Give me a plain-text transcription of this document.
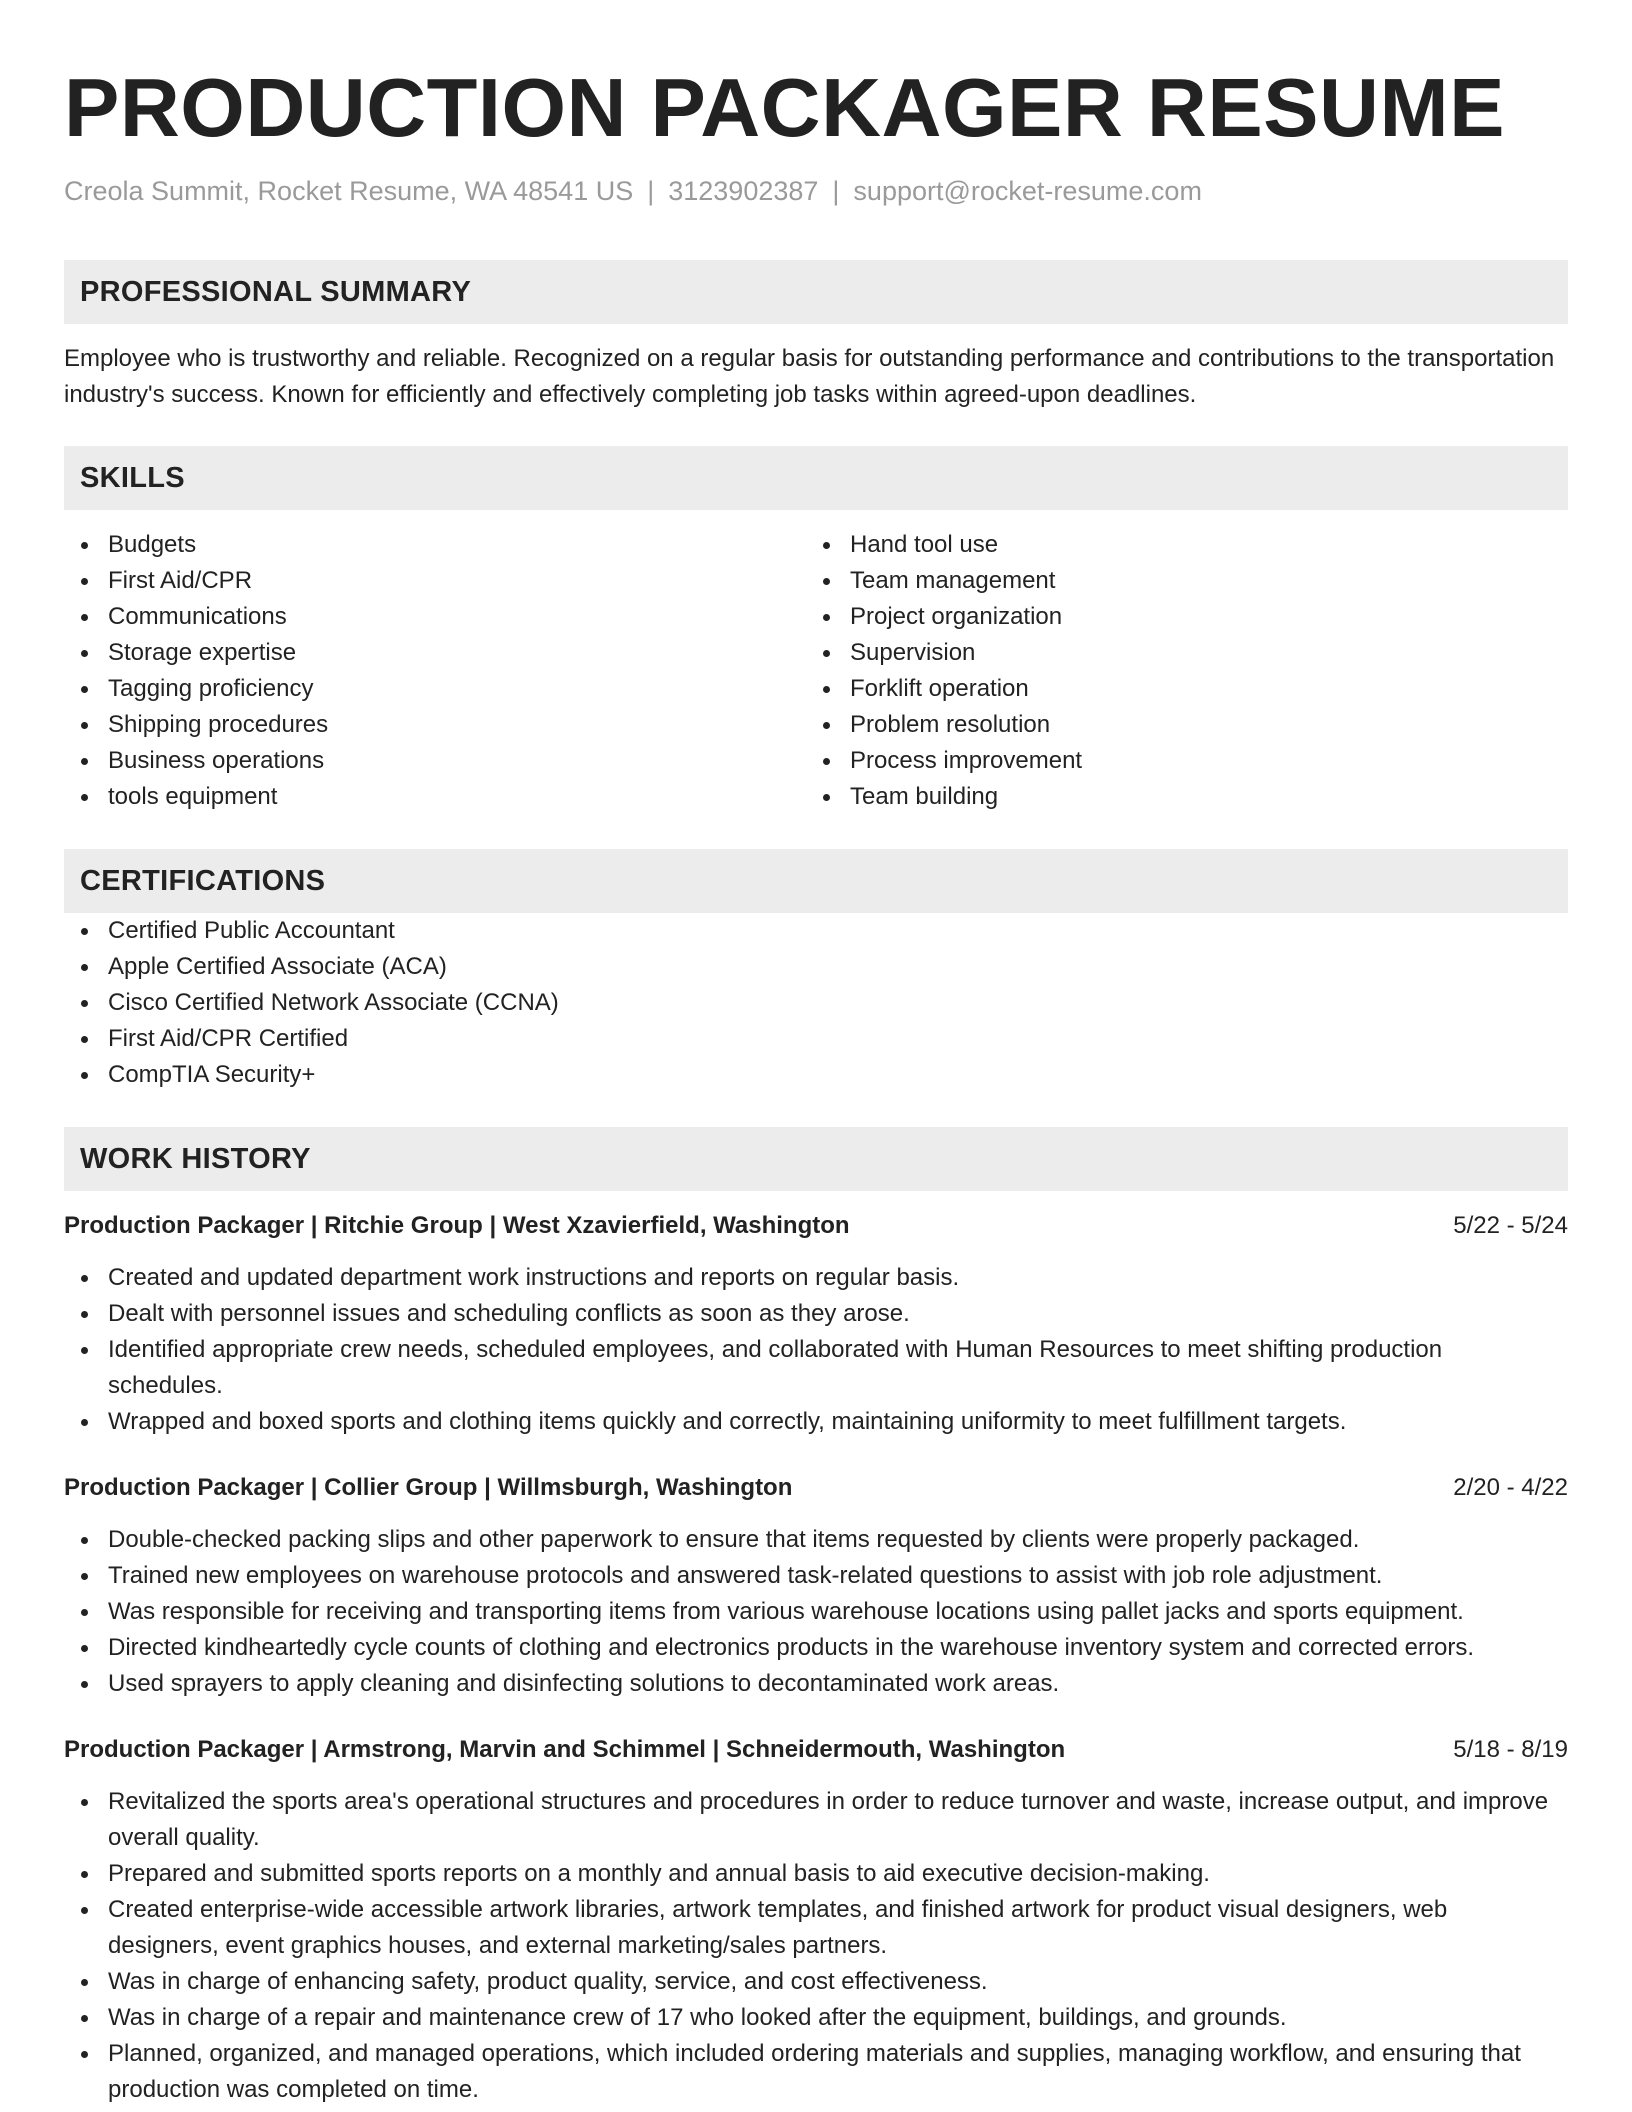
PRODUCTION PACKAGER RESUME
Creola Summit, Rocket Resume, WA 48541 US | 3123902387 | support@rocket-resume.com
PROFESSIONAL SUMMARY

Employee who is trustworthy and reliable. Recognized on a regular basis for outstanding performance and contributions to the transportation industry's success. Known for efficiently and effectively completing job tasks within agreed-upon deadlines.

SKILLS
Budgets
First Aid/CPR
Communications
Storage expertise
Tagging proficiency
Shipping procedures
Business operations
tools equipment
Hand tool use
Team management
Project organization
Supervision
Forklift operation
Problem resolution
Process improvement
Team building
CERTIFICATIONS
Certified Public Accountant
Apple Certified Associate (ACA)
Cisco Certified Network Associate (CCNA)
First Aid/CPR Certified
CompTIA Security+
WORK HISTORY
Production Packager | Ritchie Group | West Xzavierfield, Washington	5/22 - 5/24
Created and updated department work instructions and reports on regular basis.
Dealt with personnel issues and scheduling conflicts as soon as they arose.
Identified appropriate crew needs, scheduled employees, and collaborated with Human Resources to meet shifting production schedules.
Wrapped and boxed sports and clothing items quickly and correctly, maintaining uniformity to meet fulfillment targets.
Production Packager | Collier Group | Willmsburgh, Washington	2/20 - 4/22
Double-checked packing slips and other paperwork to ensure that items requested by clients were properly packaged.
Trained new employees on warehouse protocols and answered task-related questions to assist with job role adjustment.
Was responsible for receiving and transporting items from various warehouse locations using pallet jacks and sports equipment.
Directed kindheartedly cycle counts of clothing and electronics products in the warehouse inventory system and corrected errors.
Used sprayers to apply cleaning and disinfecting solutions to decontaminated work areas.
Production Packager | Armstrong, Marvin and Schimmel | Schneidermouth, Washington	5/18 - 8/19
Revitalized the sports area's operational structures and procedures in order to reduce turnover and waste, increase output, and improve overall quality.
Prepared and submitted sports reports on a monthly and annual basis to aid executive decision-making.
Created enterprise-wide accessible artwork libraries, artwork templates, and finished artwork for product visual designers, web designers, event graphics houses, and external marketing/sales partners.
Was in charge of enhancing safety, product quality, service, and cost effectiveness.
Was in charge of a repair and maintenance crew of 17 who looked after the equipment, buildings, and grounds.
Planned, organized, and managed operations, which included ordering materials and supplies, managing workflow, and ensuring that production was completed on time.
